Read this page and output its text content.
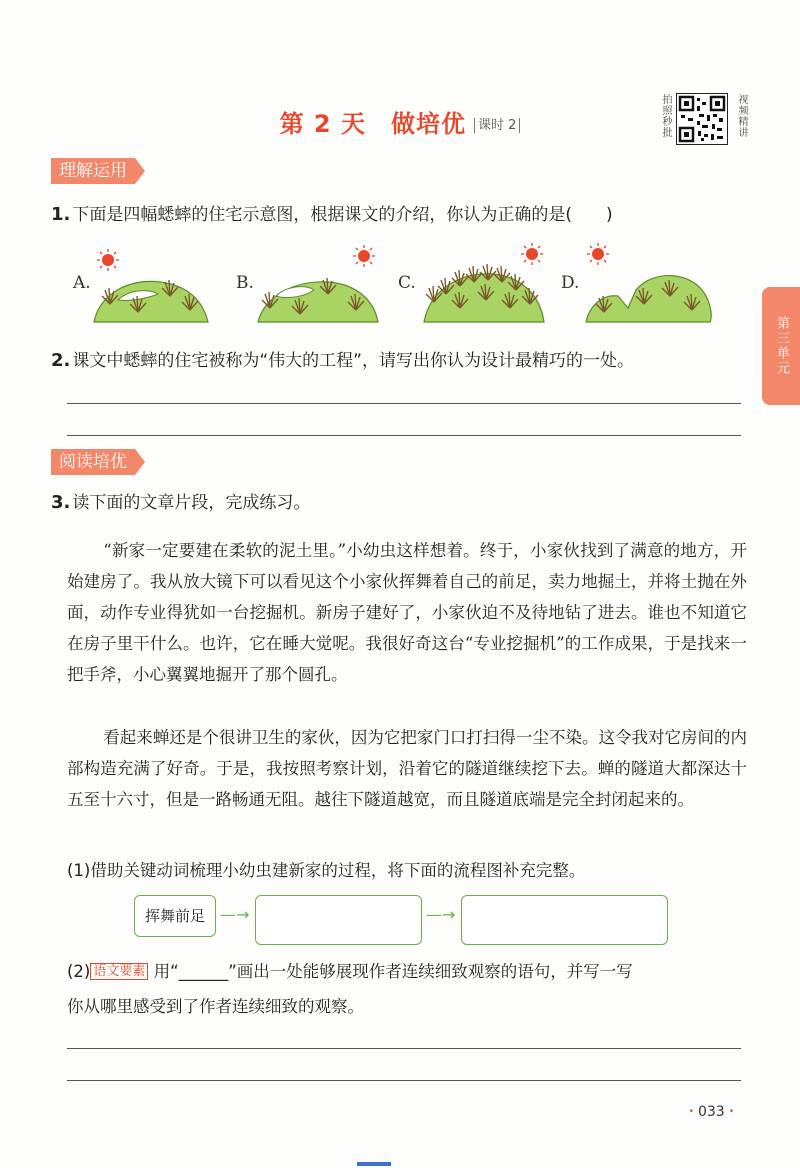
第 2 天　做培优 课时 2	拍照秒批	视频精讲
第三单元
理解运用
1. 下面是四幅蟋蟀的住宅示意图，根据课文的介绍，你认为正确的是(　　)
A.	B.	C.	D.
2. 课文中蟋蟀的住宅被称为“伟大的工程”，请写出你认为设计最精巧的一处。
阅读培优
3. 读下面的文章片段，完成练习。
“新家一定要建在柔软的泥土里。”小幼虫这样想着。终于，小家伙找到了满意的地方，开始建房了。我从放大镜下可以看见这个小家伙挥舞着自己的前足，卖力地掘土，并将土抛在外面，动作专业得犹如一台挖掘机。新房子建好了，小家伙迫不及待地钻了进去。谁也不知道它在房子里干什么。也许，它在睡大觉呢。我很好奇这台“专业挖掘机”的工作成果，于是找来一把手斧，小心翼翼地掘开了那个圆孔。
看起来蝉还是个很讲卫生的家伙，因为它把家门口打扫得一尘不染。这令我对它房间的内部构造充满了好奇。于是，我按照考察计划，沿着它的隧道继续挖下去。蝉的隧道大都深达十五至十六寸，但是一路畅通无阻。越往下隧道越宽，而且隧道底端是完全封闭起来的。
(1)借助关键动词梳理小幼虫建新家的过程，将下面的流程图补充完整。
挥舞前足 —→	—→
(2) 语文要素 用“______”画出一处能够展现作者连续细致观察的语句，并写一写
你从哪里感受到了作者连续细致的观察。
• 033 •
